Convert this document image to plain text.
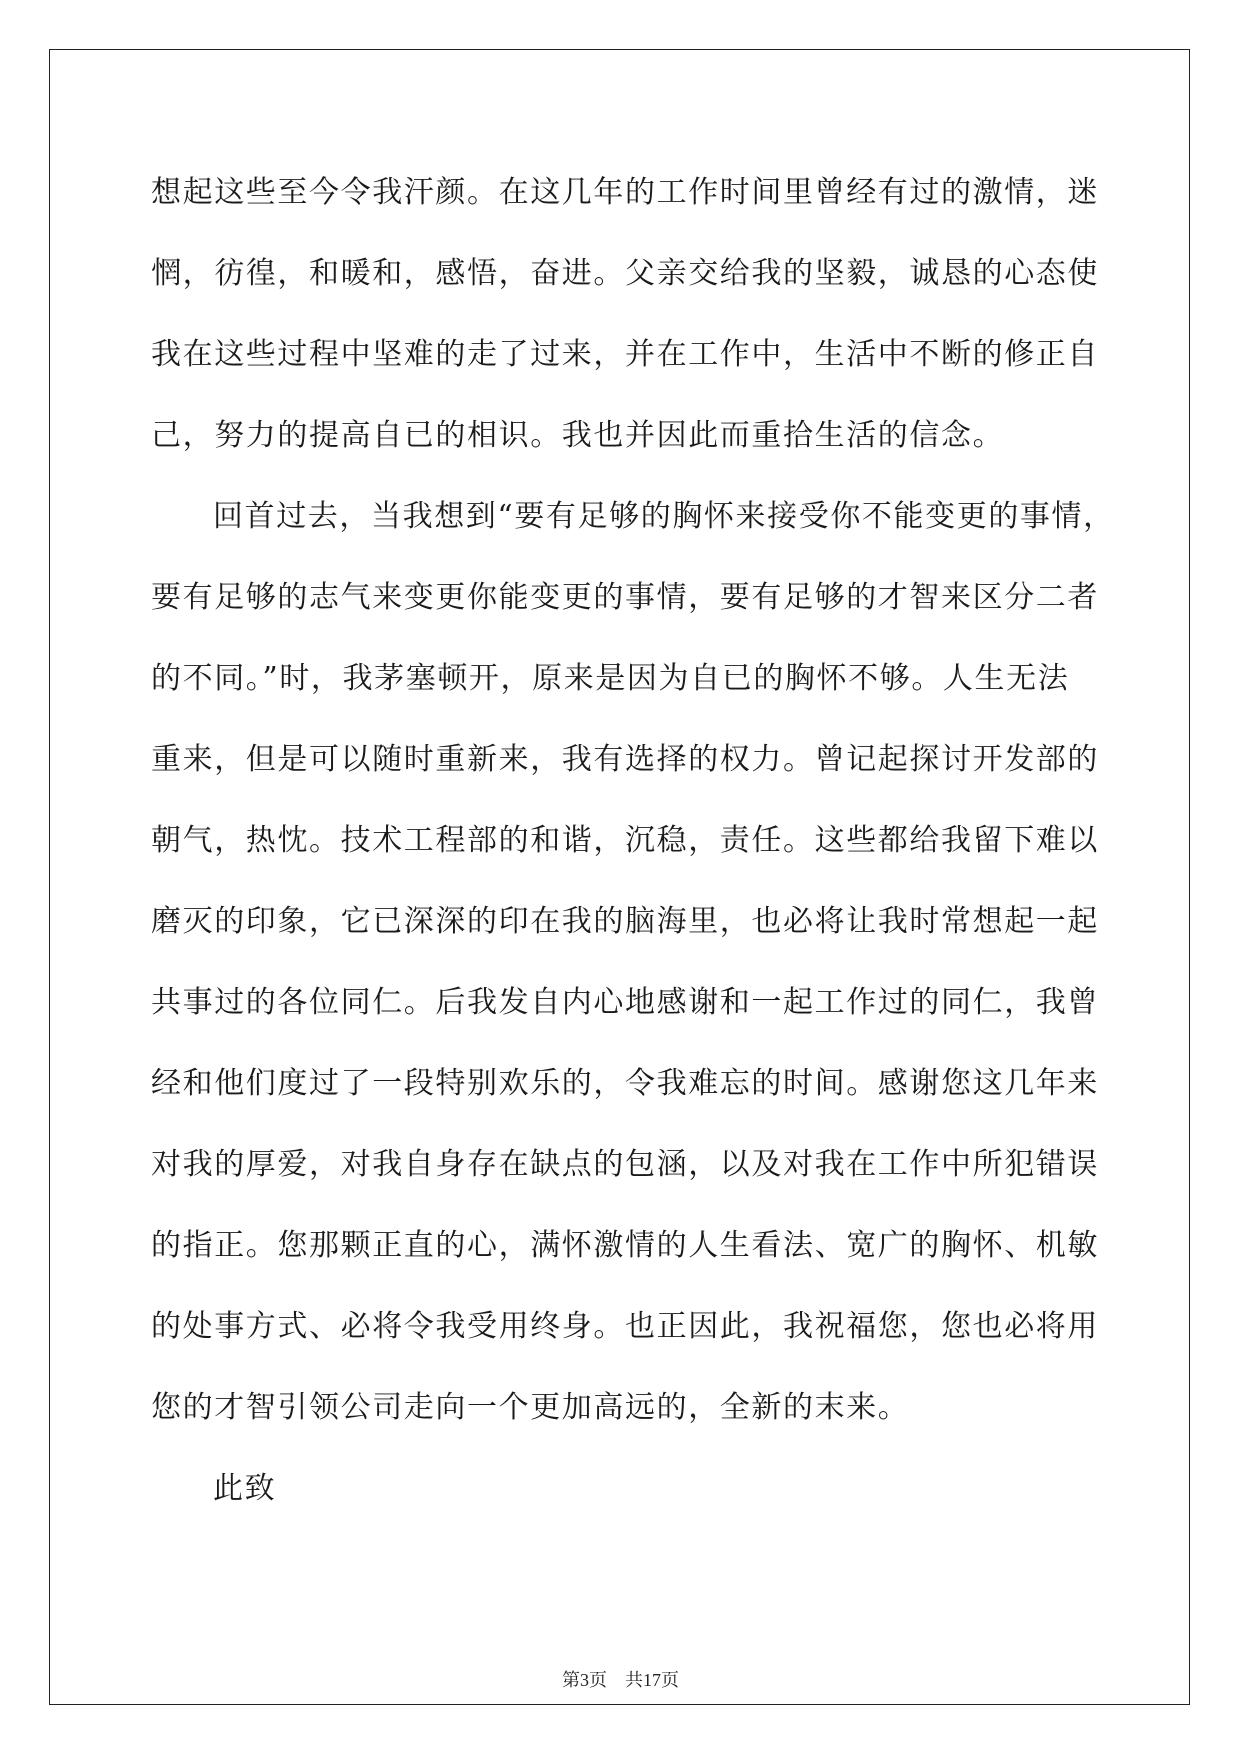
想起这些至今令我汗颜。在这几年的工作时间里曾经有过的激情，迷
惘，彷徨，和暖和，感悟，奋进。父亲交给我的坚毅，诚恳的心态使
我在这些过程中坚难的走了过来，并在工作中，生活中不断的修正自
己，努力的提高自已的相识。我也并因此而重拾生活的信念。
回首过去，当我想到“要有足够的胸怀来接受你不能变更的事情，
要有足够的志气来变更你能变更的事情，要有足够的才智来区分二者
的不同。”时，我茅塞顿开，原来是因为自已的胸怀不够。人生无法
重来，但是可以随时重新来，我有选择的权力。曾记起探讨开发部的
朝气，热忱。技术工程部的和谐，沉稳，责任。这些都给我留下难以
磨灭的印象，它已深深的印在我的脑海里，也必将让我时常想起一起
共事过的各位同仁。后我发自内心地感谢和一起工作过的同仁，我曾
经和他们度过了一段特别欢乐的，令我难忘的时间。感谢您这几年来
对我的厚爱，对我自身存在缺点的包涵，以及对我在工作中所犯错误
的指正。您那颗正直的心，满怀激情的人生看法、宽广的胸怀、机敏
的处事方式、必将令我受用终身。也正因此，我祝福您，您也必将用
您的才智引领公司走向一个更加高远的，全新的末来。
此致
第3页 共17页
